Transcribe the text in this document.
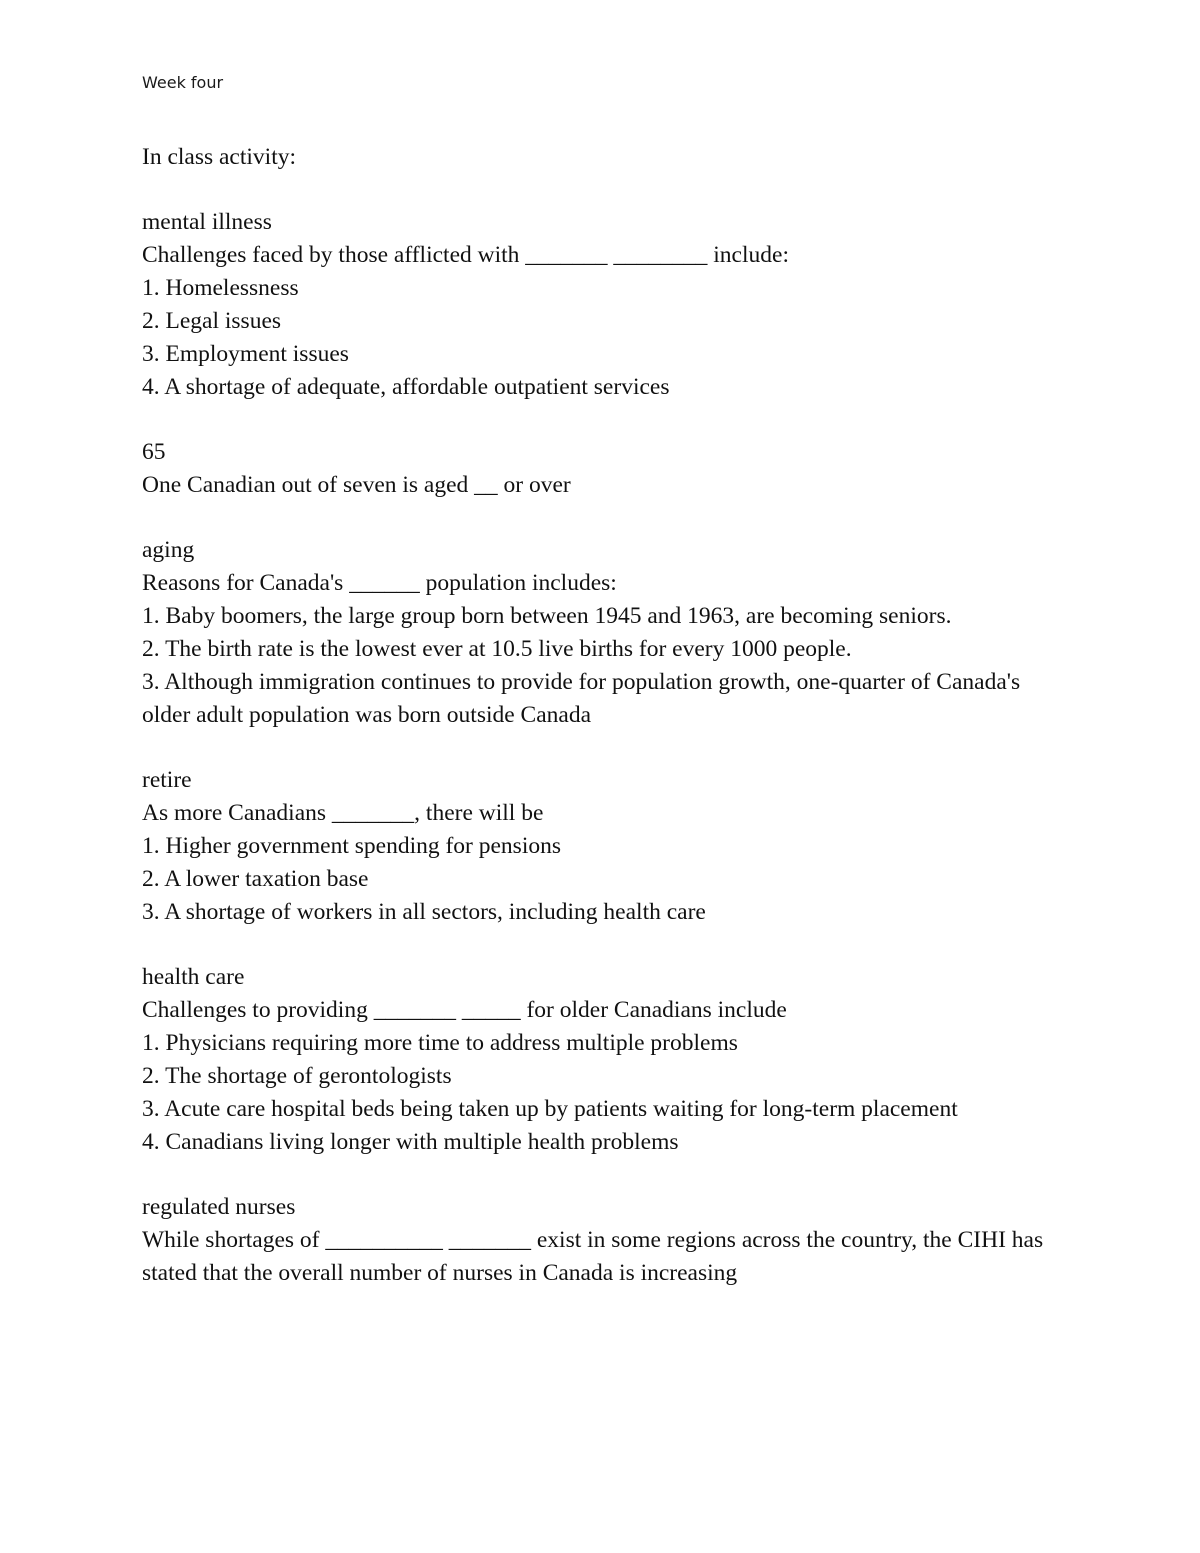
Week four
In class activity:
mental illness
Challenges faced by those afflicted with _______ ________ include:
1. Homelessness
2. Legal issues
3. Employment issues
4. A shortage of adequate, affordable outpatient services
65
One Canadian out of seven is aged __ or over
aging
Reasons for Canada's ______ population includes:
1. Baby boomers, the large group born between 1945 and 1963, are becoming seniors.
2. The birth rate is the lowest ever at 10.5 live births for every 1000 people.
3. Although immigration continues to provide for population growth, one-quarter of Canada's older adult population was born outside Canada
retire
As more Canadians _______, there will be
1. Higher government spending for pensions
2. A lower taxation base
3. A shortage of workers in all sectors, including health care
health care
Challenges to providing _______ _____ for older Canadians include
1. Physicians requiring more time to address multiple problems
2. The shortage of gerontologists
3. Acute care hospital beds being taken up by patients waiting for long-term placement
4. Canadians living longer with multiple health problems
regulated nurses
While shortages of __________ _______ exist in some regions across the country, the CIHI has stated that the overall number of nurses in Canada is increasing
